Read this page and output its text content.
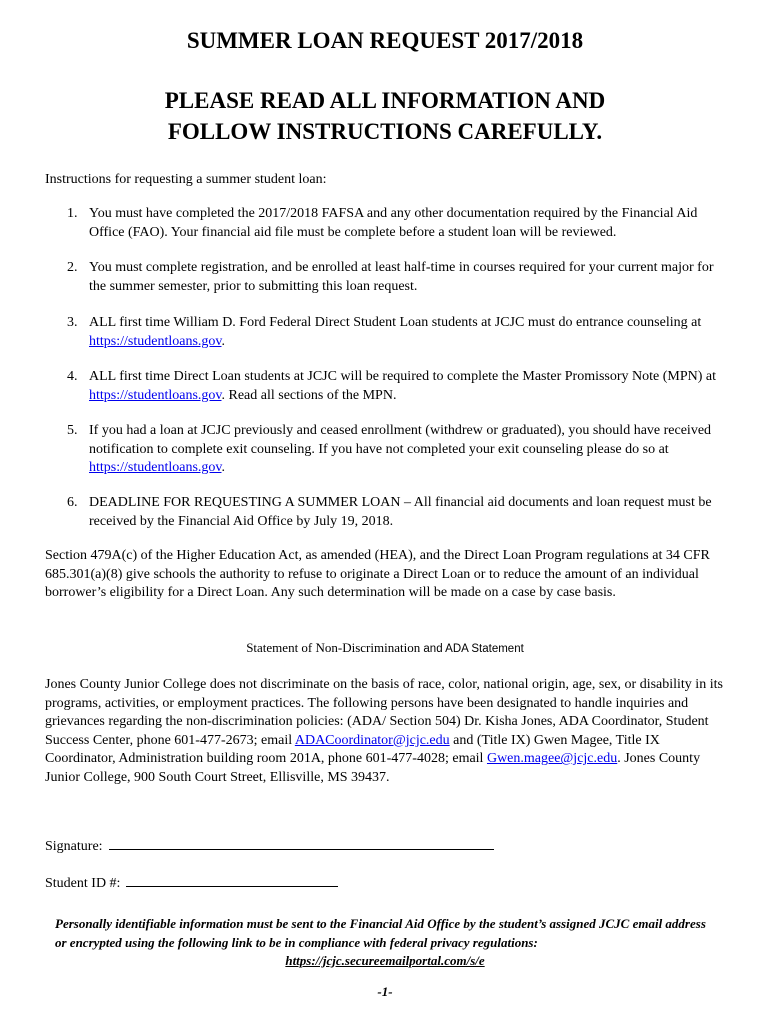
SUMMER LOAN REQUEST 2017/2018
PLEASE READ ALL INFORMATION AND
FOLLOW INSTRUCTIONS CAREFULLY.
Instructions for requesting a summer student loan:
1. You must have completed the 2017/2018 FAFSA and any other documentation required by the Financial Aid Office (FAO). Your financial aid file must be complete before a student loan will be reviewed.
2. You must complete registration, and be enrolled at least half-time in courses required for your current major for the summer semester, prior to submitting this loan request.
3. ALL first time William D. Ford Federal Direct Student Loan students at JCJC must do entrance counseling at https://studentloans.gov.
4. ALL first time Direct Loan students at JCJC will be required to complete the Master Promissory Note (MPN) at https://studentloans.gov. Read all sections of the MPN.
5. If you had a loan at JCJC previously and ceased enrollment (withdrew or graduated), you should have received notification to complete exit counseling. If you have not completed your exit counseling please do so at https://studentloans.gov.
6. DEADLINE FOR REQUESTING A SUMMER LOAN – All financial aid documents and loan request must be received by the Financial Aid Office by July 19, 2018.
Section 479A(c) of the Higher Education Act, as amended (HEA), and the Direct Loan Program regulations at 34 CFR 685.301(a)(8) give schools the authority to refuse to originate a Direct Loan or to reduce the amount of an individual borrower’s eligibility for a Direct Loan. Any such determination will be made on a case by case basis.
Statement of Non-Discrimination and ADA Statement
Jones County Junior College does not discriminate on the basis of race, color, national origin, age, sex, or disability in its programs, activities, or employment practices. The following persons have been designated to handle inquiries and grievances regarding the non-discrimination policies: (ADA/ Section 504) Dr. Kisha Jones, ADA Coordinator, Student Success Center, phone 601-477-2673; email ADACoordinator@jcjc.edu and (Title IX) Gwen Magee, Title IX Coordinator, Administration building room 201A, phone 601-477-4028; email Gwen.magee@jcjc.edu. Jones County Junior College, 900 South Court Street, Ellisville, MS 39437.
Signature:
Student ID #:
Personally identifiable information must be sent to the Financial Aid Office by the student’s assigned JCJC email address or encrypted using the following link to be in compliance with federal privacy regulations:
https://jcjc.secureemailportal.com/s/e
-1-
